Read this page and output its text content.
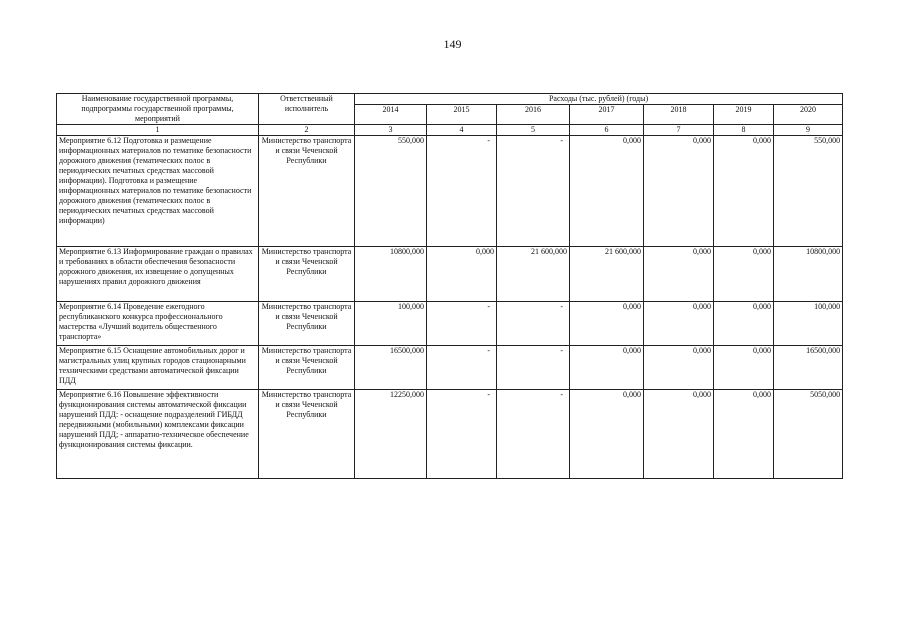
149
Наименование государственной программы, подпрограммы государственной программы, мероприятий	Ответственный исполнитель	Расходы (тыс. рублей) (годы)						
		2014	2015	2016	2017	2018	2019	2020
1	2	3	4	5	6	7	8	9
Мероприятие 6.12 Подготовка и размещение информационных материалов по тематике безопасности дорожного движения (тематических полос в периодических печатных средствах массовой информации). Подготовка и размещение информационных материалов по тематике безопасности дорожного движения (тематических полос в периодических печатных средствах массовой информации)	Министерство транспорта и связи Чеченской Республики	550,000	-	-	0,000	0,000	0,000	550,000
Мероприятие 6.13 Информирование граждан о правилах и требованиях в области обеспечения безопасности дорожного движения, их извещение о допущенных нарушениях правил дорожного движения	Министерство транспорта и связи Чеченской Республики	10800,000	0,000	21 600,000	21 600,000	0,000	0,000	10800,000
Мероприятие 6.14 Проведение ежегодного республиканского конкурса профессионального мастерства «Лучший водитель общественного транспорта»	Министерство транспорта и связи Чеченской Республики	100,000	-	-	0,000	0,000	0,000	100,000
Мероприятие 6.15 Оснащение автомобильных дорог и магистральных улиц крупных городов стационарными техническими средствами автоматической фиксации ПДД	Министерство транспорта и связи Чеченской Республики	16500,000	-	-	0,000	0,000	0,000	16500,000
Мероприятие 6.16 Повышение эффективности функционирования системы автоматической фиксации нарушений ПДД: - оснащение подразделений ГИБДД передвижными (мобильными) комплексами фиксации нарушений ПДД; - аппаратно-техническое обеспечение функционирования системы фиксации.	Министерство транспорта и связи Чеченской Республики	12250,000	-	-	0,000	0,000	0,000	5050,000
